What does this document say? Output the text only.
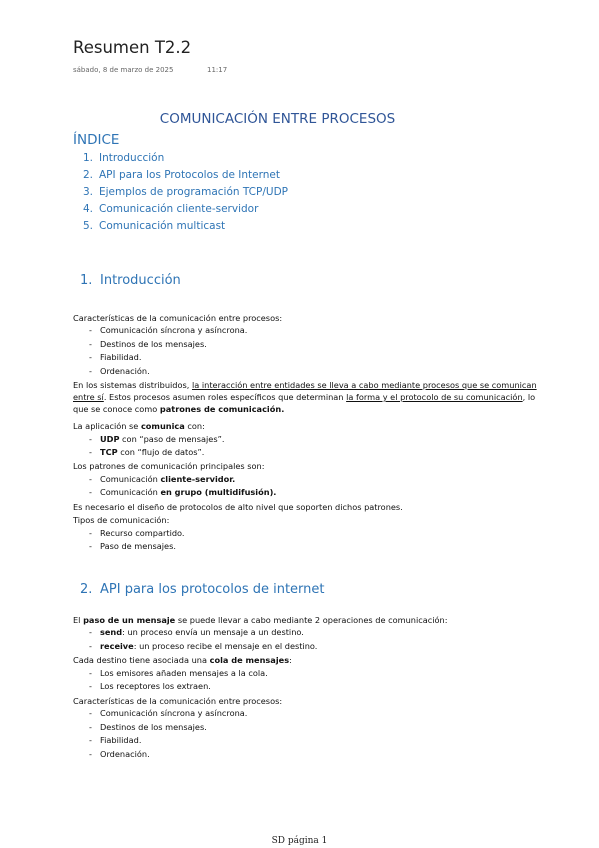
Resumen T2.2
sábado, 8 de marzo de 2025	11:17
COMUNICACIÓN ENTRE PROCESOS
ÍNDICE
1. Introducción
2. API para los Protocolos de Internet
3. Ejemplos de programación TCP/UDP
4. Comunicación cliente-servidor
5. Comunicación multicast
1. Introducción
Características de la comunicación entre procesos:
- Comunicación síncrona y asíncrona.
- Destinos de los mensajes.
- Fiabilidad.
- Ordenación.
En los sistemas distribuidos, la interacción entre entidades se lleva a cabo mediante procesos que se comunican entre sí. Estos procesos asumen roles específicos que determinan la forma y el protocolo de su comunicación, lo que se conoce como patrones de comunicación.
La aplicación se comunica con:
- UDP con “paso de mensajes”.
- TCP con “flujo de datos”.
Los patrones de comunicación principales son:
- Comunicación cliente-servidor.
- Comunicación en grupo (multidifusión).
Es necesario el diseño de protocolos de alto nivel que soporten dichos patrones.
Tipos de comunicación:
- Recurso compartido.
- Paso de mensajes.
2. API para los protocolos de internet
El paso de un mensaje se puede llevar a cabo mediante 2 operaciones de comunicación:
- send: un proceso envía un mensaje a un destino.
- receive: un proceso recibe el mensaje en el destino.
Cada destino tiene asociada una cola de mensajes:
- Los emisores añaden mensajes a la cola.
- Los receptores los extraen.
Características de la comunicación entre procesos:
- Comunicación síncrona y asíncrona.
- Destinos de los mensajes.
- Fiabilidad.
- Ordenación.
SD página 1
